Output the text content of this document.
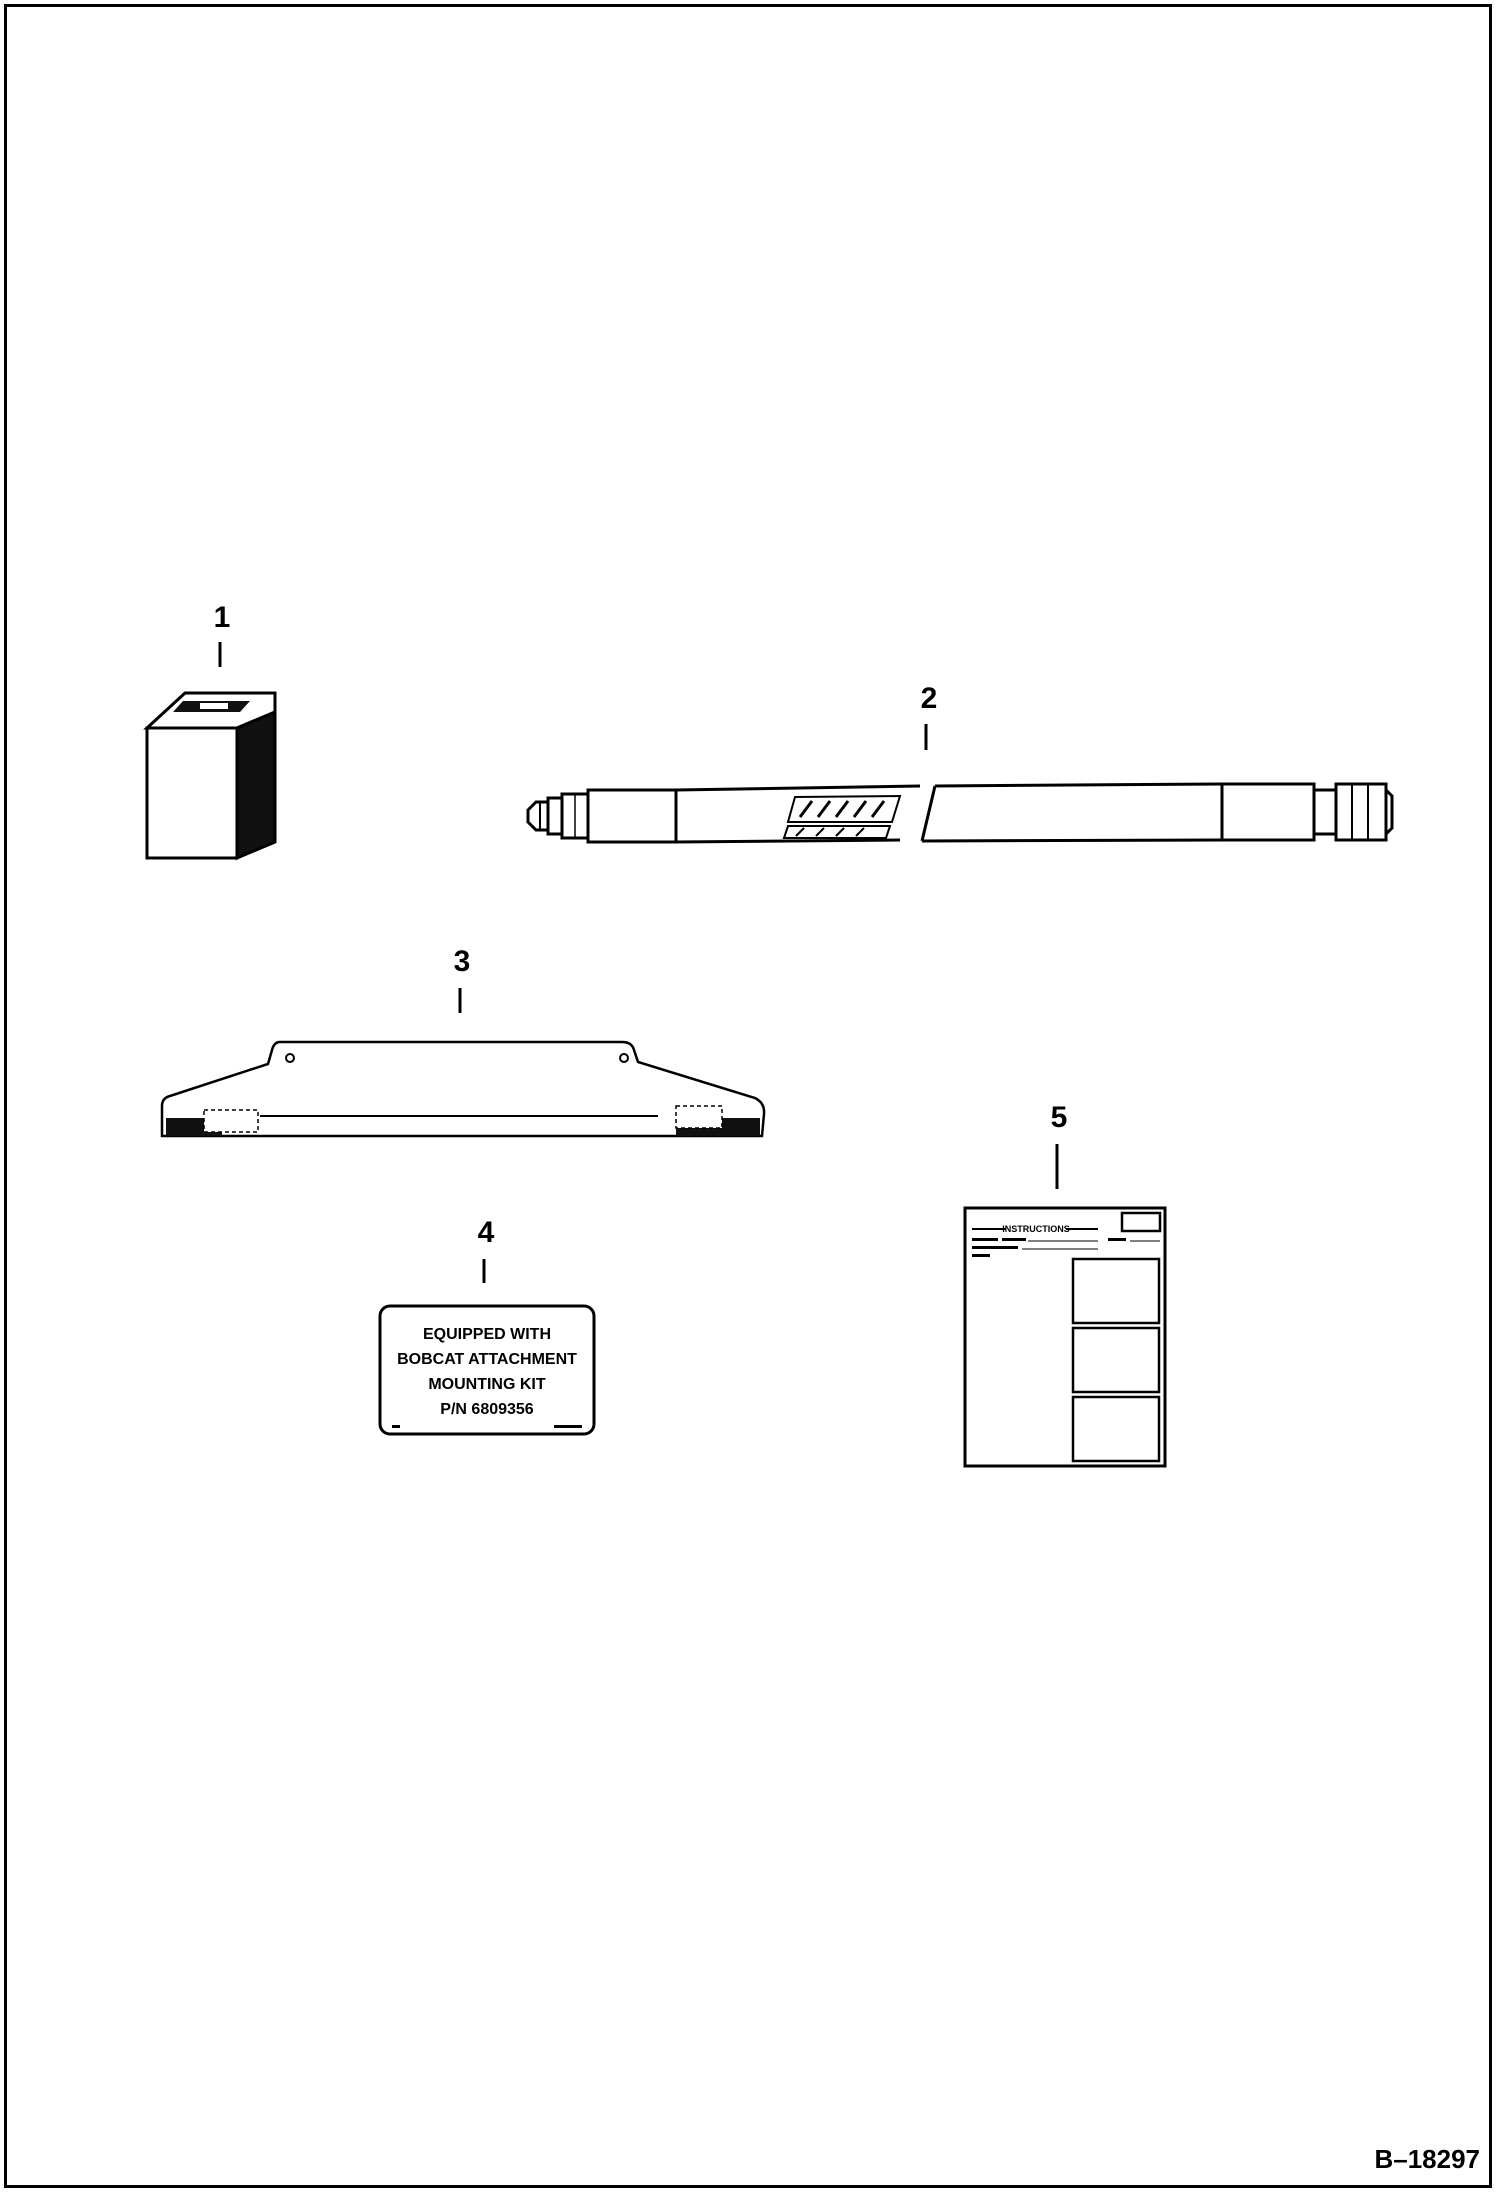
1
2
3
4
EQUIPPED WITH
BOBCAT ATTACHMENT
MOUNTING KIT
P/N 6809356
5
INSTRUCTIONS
B–18297
